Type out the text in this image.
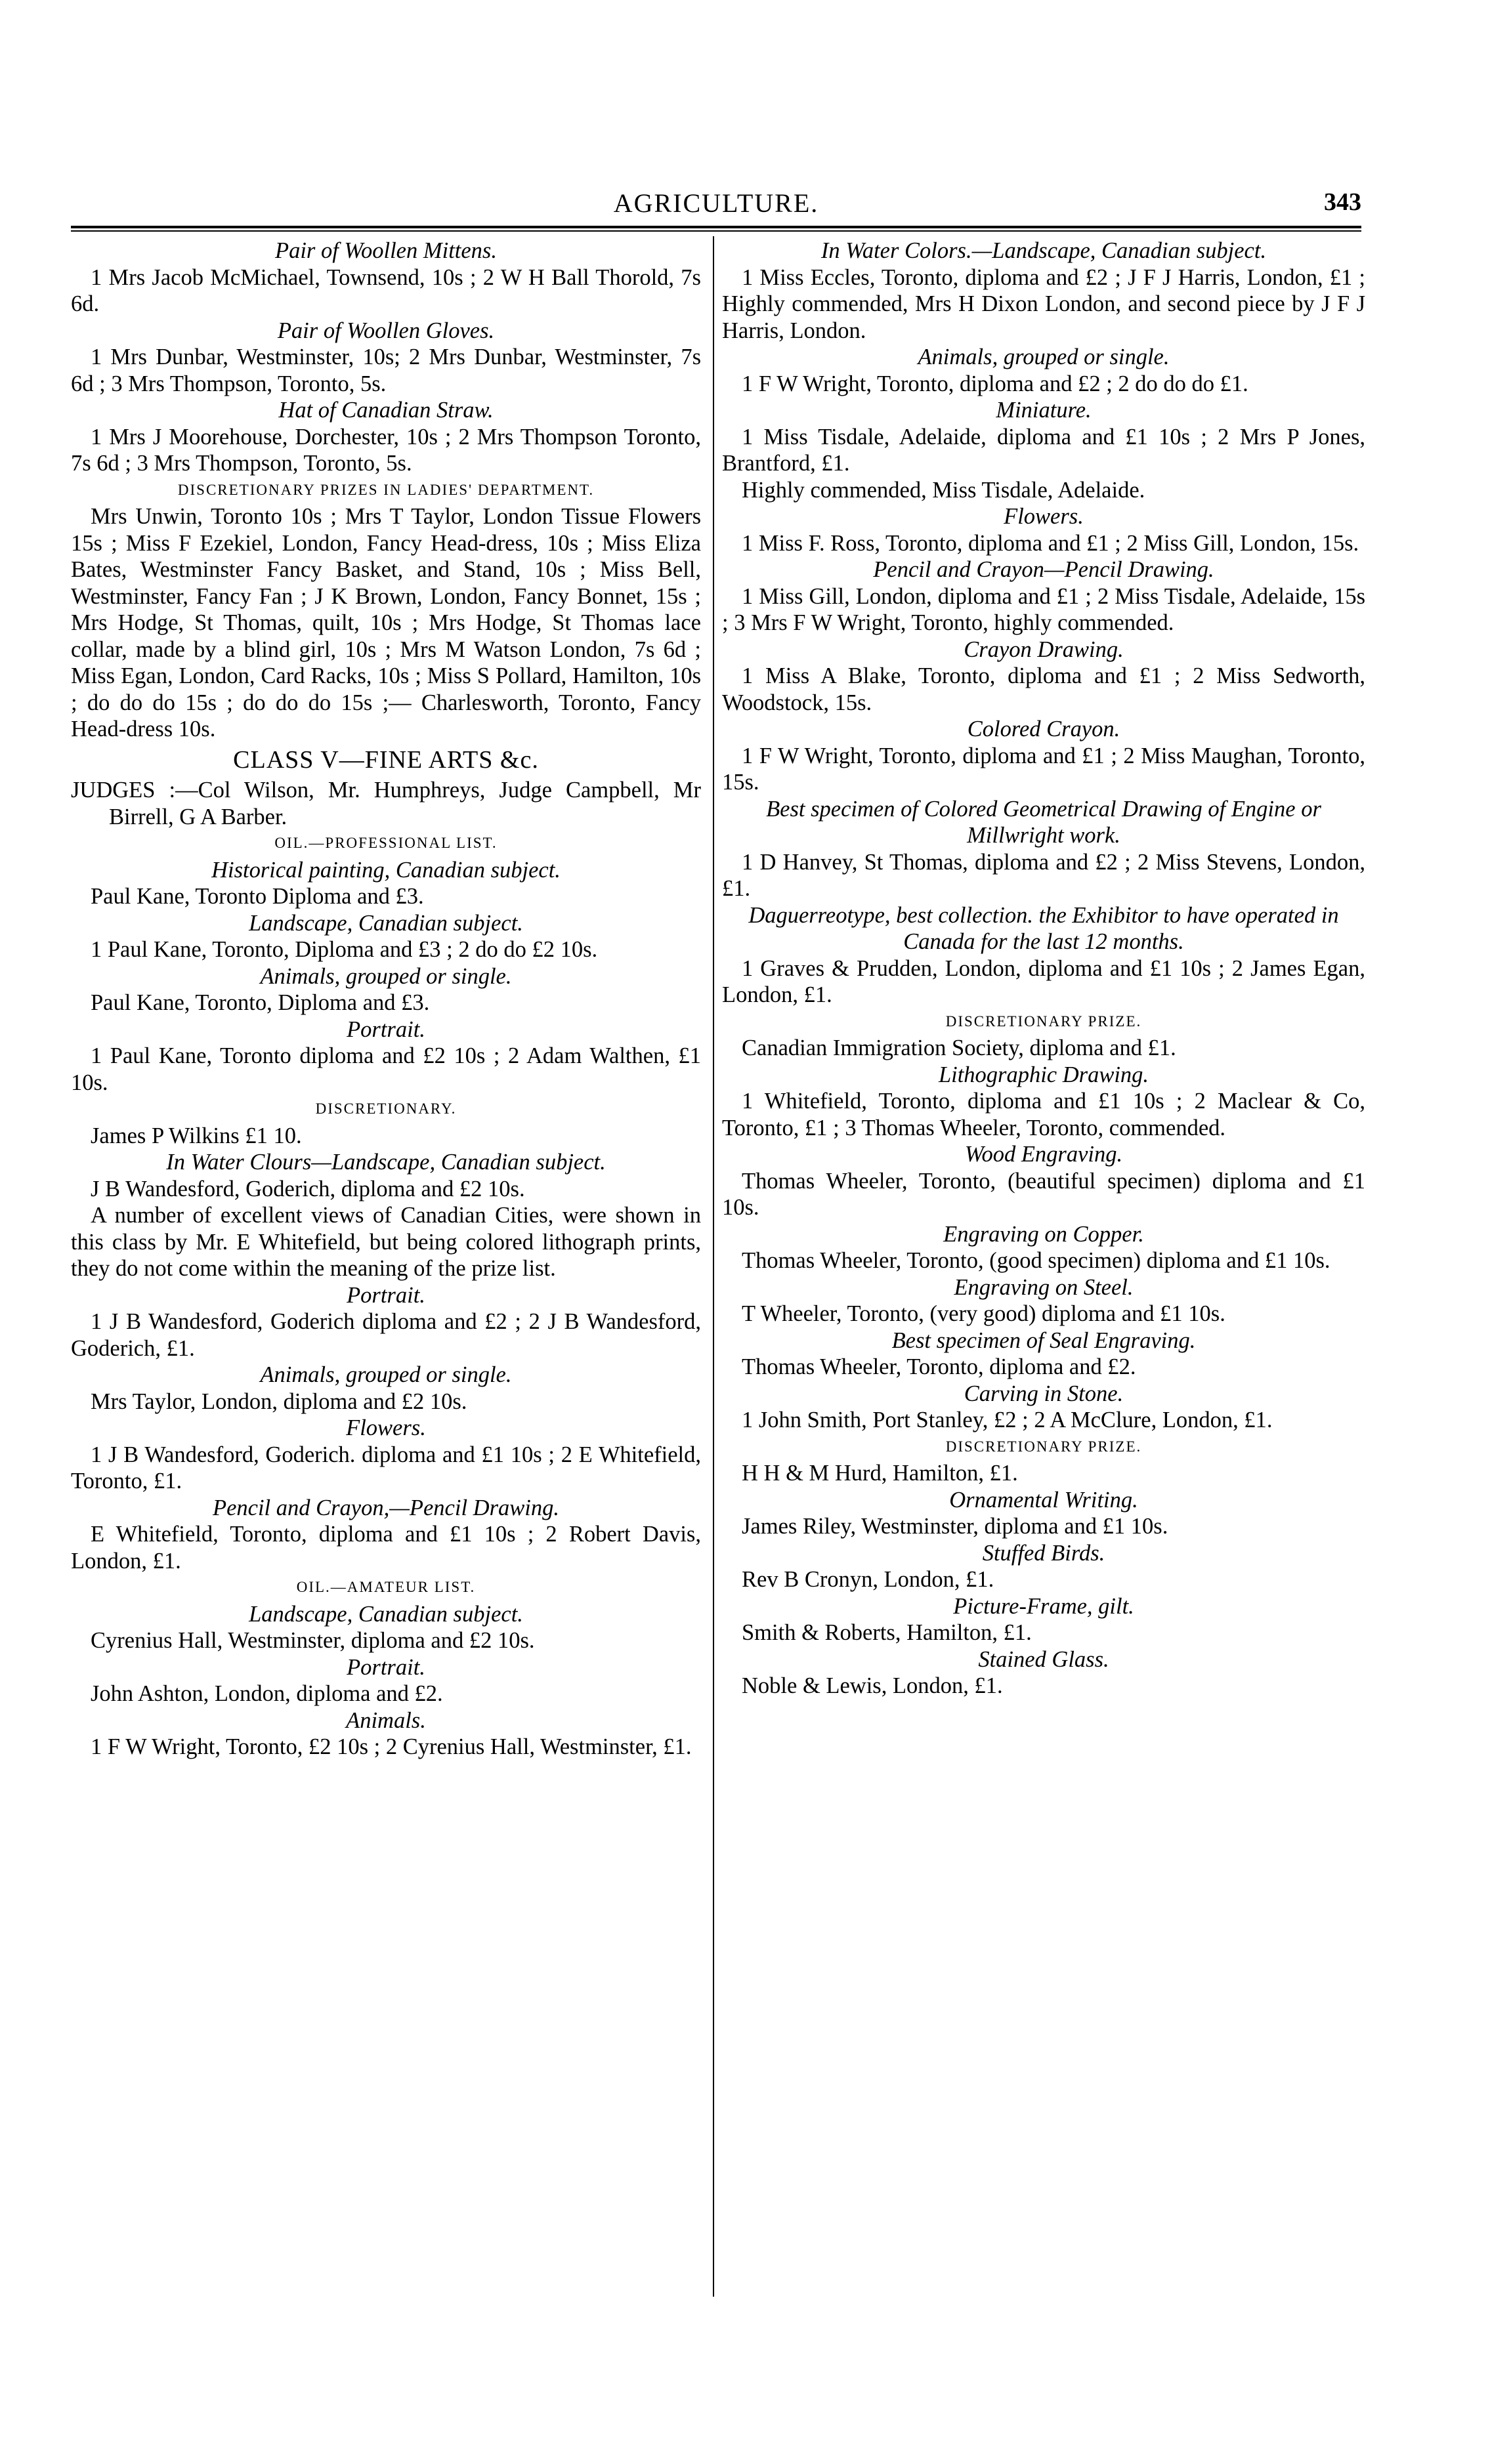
AGRICULTURE.	343
Pair of Woollen Mittens.
1 Mrs Jacob McMichael, Townsend, 10s ; 2 W H Ball Thorold, 7s 6d.
Pair of Woollen Gloves.
1 Mrs Dunbar, Westminster, 10s; 2 Mrs Dunbar, Westminster, 7s 6d ; 3 Mrs Thompson, Toronto, 5s.
Hat of Canadian Straw.
1 Mrs J Moorehouse, Dorchester, 10s ; 2 Mrs Thompson Toronto, 7s 6d ; 3 Mrs Thompson, Toronto, 5s.
DISCRETIONARY PRIZES IN LADIES' DEPARTMENT.
Mrs Unwin, Toronto 10s ; Mrs T Taylor, London Tissue Flowers 15s ; Miss F Ezekiel, London, Fancy Head-dress, 10s ; Miss Eliza Bates, Westminster Fancy Basket, and Stand, 10s ; Miss Bell, Westminster, Fancy Fan ; J K Brown, London, Fancy Bonnet, 15s ; Mrs Hodge, St Thomas, quilt, 10s ; Mrs Hodge, St Thomas lace collar, made by a blind girl, 10s ; Mrs M Watson London, 7s 6d ; Miss Egan, London, Card Racks, 10s ; Miss S Pollard, Hamilton, 10s ; do do do 15s ; do do do 15s ;— Charlesworth, Toronto, Fancy Head-dress 10s.
CLASS V—FINE ARTS &c.
JUDGES :—Col Wilson, Mr. Humphreys, Judge Campbell, Mr Birrell, G A Barber.
OIL.—PROFESSIONAL LIST.
Historical painting, Canadian subject.
Paul Kane, Toronto Diploma and £3.
Landscape, Canadian subject.
1 Paul Kane, Toronto, Diploma and £3 ; 2 do do £2 10s.
Animals, grouped or single.
Paul Kane, Toronto, Diploma and £3.
Portrait.
1 Paul Kane, Toronto diploma and £2 10s ; 2 Adam Walthen, £1 10s.
DISCRETIONARY.
James P Wilkins £1 10.
In Water Clours—Landscape, Canadian subject.
J B Wandesford, Goderich, diploma and £2 10s.
A number of excellent views of Canadian Cities, were shown in this class by Mr. E Whitefield, but being colored lithograph prints, they do not come within the meaning of the prize list.
Portrait.
1 J B Wandesford, Goderich diploma and £2 ; 2 J B Wandesford, Goderich, £1.
Animals, grouped or single.
Mrs Taylor, London, diploma and £2 10s.
Flowers.
1 J B Wandesford, Goderich. diploma and £1 10s ; 2 E Whitefield, Toronto, £1.
Pencil and Crayon,—Pencil Drawing.
E Whitefield, Toronto, diploma and £1 10s ; 2 Robert Davis, London, £1.
OIL.—AMATEUR LIST.
Landscape, Canadian subject.
Cyrenius Hall, Westminster, diploma and £2 10s.
Portrait.
John Ashton, London, diploma and £2.
Animals.
1 F W Wright, Toronto, £2 10s ; 2 Cyrenius Hall, Westminster, £1.
In Water Colors.—Landscape, Canadian subject.
1 Miss Eccles, Toronto, diploma and £2 ; J F J Harris, London, £1 ; Highly commended, Mrs H Dixon London, and second piece by J F J Harris, London.
Animals, grouped or single.
1 F W Wright, Toronto, diploma and £2 ; 2 do do do £1.
Miniature.
1 Miss Tisdale, Adelaide, diploma and £1 10s ; 2 Mrs P Jones, Brantford, £1.
Highly commended, Miss Tisdale, Adelaide.
Flowers.
1 Miss F. Ross, Toronto, diploma and £1 ; 2 Miss Gill, London, 15s.
Pencil and Crayon—Pencil Drawing.
1 Miss Gill, London, diploma and £1 ; 2 Miss Tisdale, Adelaide, 15s ; 3 Mrs F W Wright, Toronto, highly commended.
Crayon Drawing.
1 Miss A Blake, Toronto, diploma and £1 ; 2 Miss Sedworth, Woodstock, 15s.
Colored Crayon.
1 F W Wright, Toronto, diploma and £1 ; 2 Miss Maughan, Toronto, 15s.
Best specimen of Colored Geometrical Drawing of Engine or Millwright work.
1 D Hanvey, St Thomas, diploma and £2 ; 2 Miss Stevens, London, £1.
Daguerreotype, best collection. the Exhibitor to have operated in Canada for the last 12 months.
1 Graves & Prudden, London, diploma and £1 10s ; 2 James Egan, London, £1.
DISCRETIONARY PRIZE.
Canadian Immigration Society, diploma and £1.
Lithographic Drawing.
1 Whitefield, Toronto, diploma and £1 10s ; 2 Maclear & Co, Toronto, £1 ; 3 Thomas Wheeler, Toronto, commended.
Wood Engraving.
Thomas Wheeler, Toronto, (beautiful specimen) diploma and £1 10s.
Engraving on Copper.
Thomas Wheeler, Toronto, (good specimen) diploma and £1 10s.
Engraving on Steel.
T Wheeler, Toronto, (very good) diploma and £1 10s.
Best specimen of Seal Engraving.
Thomas Wheeler, Toronto, diploma and £2.
Carving in Stone.
1 John Smith, Port Stanley, £2 ; 2 A McClure, London, £1.
DISCRETIONARY PRIZE.
H H & M Hurd, Hamilton, £1.
Ornamental Writing.
James Riley, Westminster, diploma and £1 10s.
Stuffed Birds.
Rev B Cronyn, London, £1.
Picture-Frame, gilt.
Smith & Roberts, Hamilton, £1.
Stained Glass.
Noble & Lewis, London, £1.
